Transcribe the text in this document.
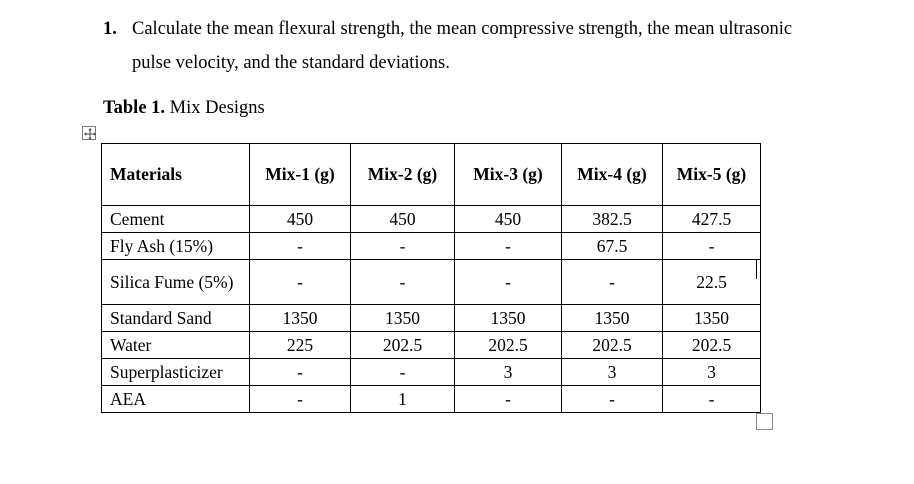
1. Calculate the mean flexural strength, the mean compressive strength, the mean ultrasonic
pulse velocity, and the standard deviations.
Table 1. Mix Designs
Materials	Mix-1 (g)	Mix-2 (g)	Mix-3 (g)	Mix-4 (g)	Mix-5 (g)
Cement	450	450	450	382.5	427.5
Fly Ash (15%)	-	-	-	67.5	-
Silica Fume (5%)	-	-	-	-	22.5
Standard Sand	1350	1350	1350	1350	1350
Water	225	202.5	202.5	202.5	202.5
Superplasticizer	-	-	3	3	3
AEA	-	1	-	-	-
